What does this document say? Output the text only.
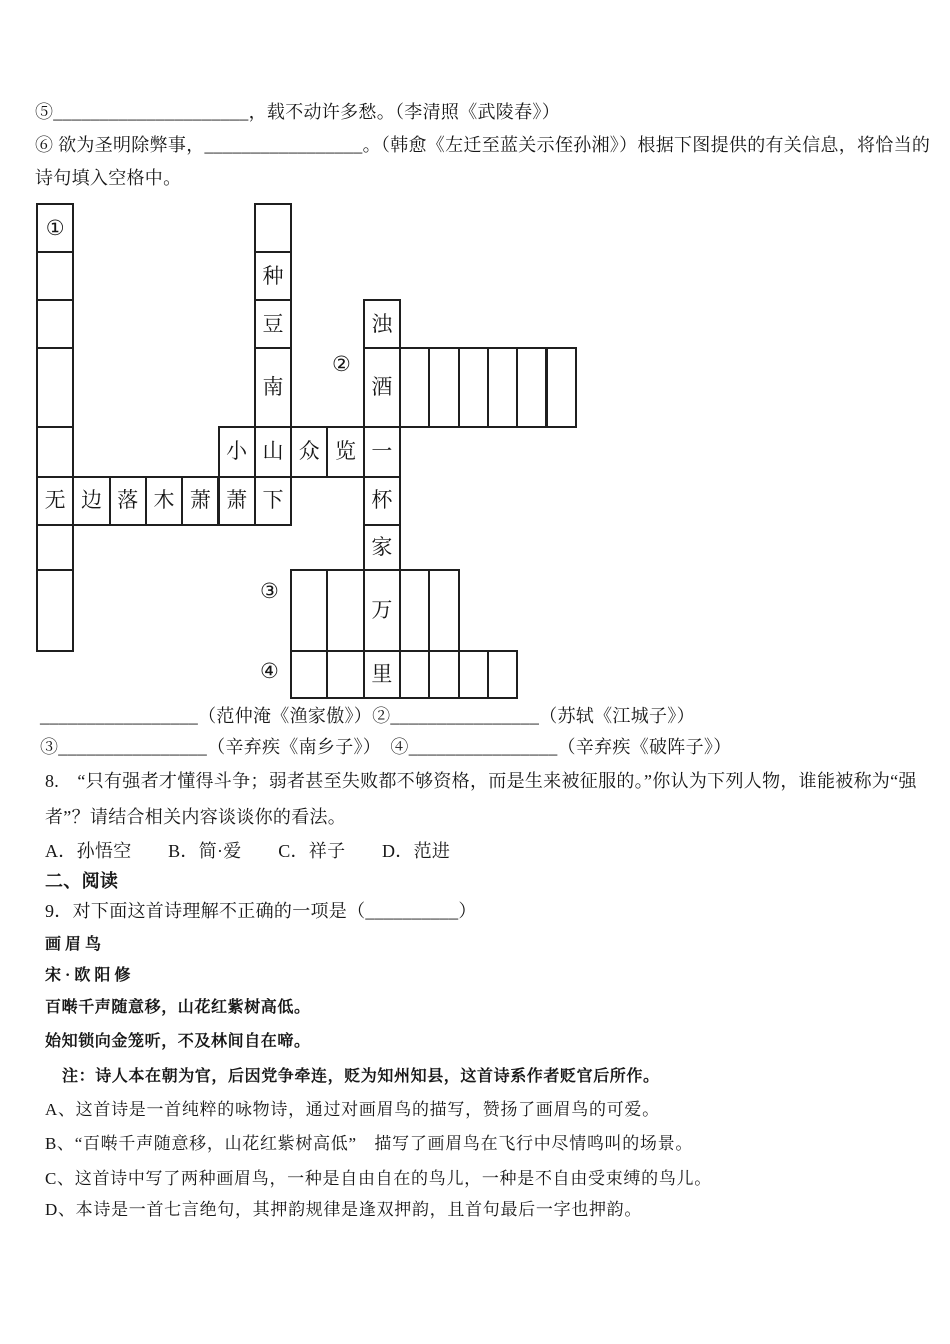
⑤_____________________，载不动许多愁。（李清照《武陵春》）
⑥ 欲为圣明除弊事，_________________。（韩愈《左迁至蓝关示侄孙湘》）根据下图提供的有关信息，将恰当的
诗句填入空格中。
①
无
种
豆
南
小 山 众 览 一
边 落 木 萧 萧 下
浊
酒
杯
家
万
里
②
③
④
_________________（范仲淹《渔家傲》）②________________（苏轼《江城子》）
③________________（辛弃疾《南乡子》）　④________________（辛弃疾《破阵子》）
8.　“只有强者才懂得斗争；弱者甚至失败都不够资格，而是生来被征服的。”你认为下列人物，谁能被称为“强
者”？请结合相关内容谈谈你的看法。
A．孙悟空　　B．简·爱　　C．祥子　　D．范进
二、阅读
9．对下面这首诗理解不正确的一项是（__________）
画眉鸟
宋·欧阳修
百啭千声随意移，山花红紫树高低。
始知锁向金笼听，不及林间自在啼。
注：诗人本在朝为官，后因党争牵连，贬为知州知县，这首诗系作者贬官后所作。
A、这首诗是一首纯粹的咏物诗，通过对画眉鸟的描写，赞扬了画眉鸟的可爱。
B、“百啭千声随意移，山花红紫树高低”　描写了画眉鸟在飞行中尽情鸣叫的场景。
C、这首诗中写了两种画眉鸟，一种是自由自在的鸟儿，一种是不自由受束缚的鸟儿。
D、本诗是一首七言绝句，其押韵规律是逢双押韵，且首句最后一字也押韵。
